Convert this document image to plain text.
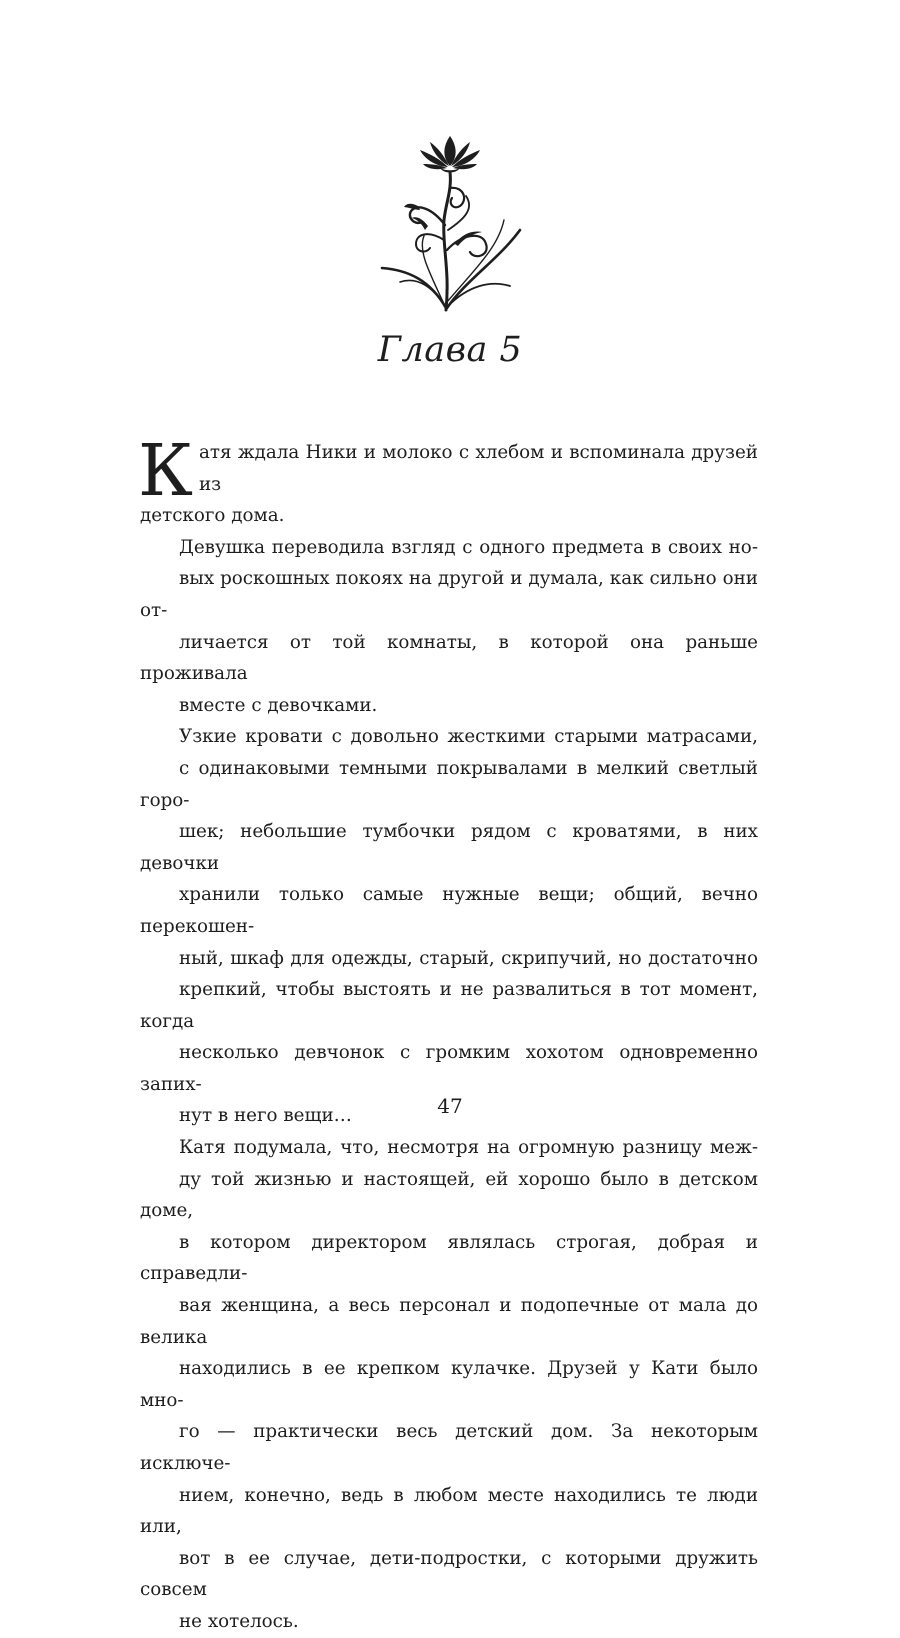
Глава 5

К атя ждала Ники и молоко с хлебом и вспоминала друзей из
детского дома.

Девушка переводила взгляд с одного предмета в своих но-
вых роскошных покоях на другой и думала, как сильно они от-
личается от той комнаты, в которой она раньше проживала
вместе с девочками.

Узкие кровати с довольно жесткими старыми матрасами,
с одинаковыми темными покрывалами в мелкий светлый горо-
шек; небольшие тумбочки рядом с кроватями, в них девочки
хранили только самые нужные вещи; общий, вечно перекошен-
ный, шкаф для одежды, старый, скрипучий, но достаточно
крепкий, чтобы выстоять и не развалиться в тот момент, когда
несколько девчонок с громким хохотом одновременно запих-
нут в него вещи…

Катя подумала, что, несмотря на огромную разницу меж-
ду той жизнью и настоящей, ей хорошо было в детском доме,
в котором директором являлась строгая, добрая и справедли-
вая женщина, а весь персонал и подопечные от мала до велика
находились в ее крепком кулачке. Друзей у Кати было мно-
го — практически весь детский дом. За некоторым исключе-
нием, конечно, ведь в любом месте находились те люди или,
вот в ее случае, дети-подростки, с которыми дружить совсем
не хотелось.

47
